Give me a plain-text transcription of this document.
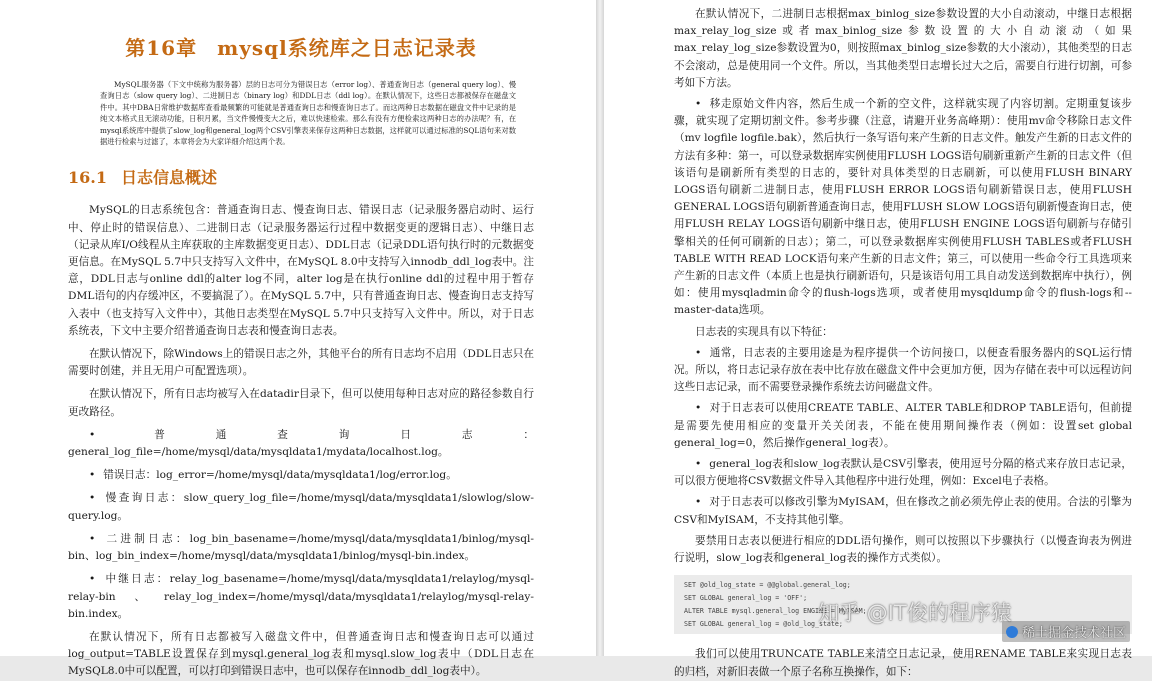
第16章 mysql系统库之日志记录表

MySQL服务器（下文中统称为服务器）层的日志可分为错误日志（error log）、普通查询日志（general query log）、慢查询日志（slow query log）、二进制日志（binary log）和DDL日志（ddl log）。在默认情况下，这些日志都被保存在磁盘文件中。其中DBA日常维护数据库查看最频繁的可能就是普通查询日志和慢查询日志了。而这两种日志数据在磁盘文件中记录的是纯文本格式且无滚动功能，日积月累，当文件慢慢变大之后，难以快速检索。那么有没有方便检索这两种日志的办法呢？有，在mysql系统库中提供了slow_log和general_log两个CSV引擎表来保存这两种日志数据，这样就可以通过标准的SQL语句来对数据进行检索与过滤了，本章将会为大家详细介绍这两个表。

16.1 日志信息概述

MySQL的日志系统包含：普通查询日志、慢查询日志、错误日志（记录服务器启动时、运行中、停止时的错误信息）、二进制日志（记录服务器运行过程中数据变更的逻辑日志）、中继日志（记录从库I/O线程从主库获取的主库数据变更日志）、DDL日志（记录DDL语句执行时的元数据变更信息。在MySQL 5.7中只支持写入文件中，在MySQL 8.0中支持写入innodb_ddl_log表中。注意，DDL日志与online ddl的alter log不同，alter log是在执行online ddl的过程中用于暂存DML语句的内存缓冲区，不要搞混了）。在MySQL 5.7中，只有普通查询日志、慢查询日志支持写入表中（也支持写入文件中），其他日志类型在MySQL 5.7中只支持写入文件中。所以，对于日志系统表，下文中主要介绍普通查询日志表和慢查询日志表。

在默认情况下，除Windows上的错误日志之外，其他平台的所有日志均不启用（DDL日志只在需要时创建，并且无用户可配置选项）。

在默认情况下，所有日志均被写入在datadir目录下，但可以使用每种日志对应的路径参数自行更改路径。

• 普通查询日志：general_log_file=/home/mysql/data/mysqldata1/mydata/localhost.log。

• 错误日志：log_error=/home/mysql/data/mysqldata1/log/error.log。

• 慢查询日志：slow_query_log_file=/home/mysql/data/mysqldata1/slowlog/slow-query.log。

• 二进制日志：log_bin_basename=/home/mysql/data/mysqldata1/binlog/mysql-bin、log_bin_index=/home/mysql/data/mysqldata1/binlog/mysql-bin.index。

• 中继日志：relay_log_basename=/home/mysql/data/mysqldata1/relaylog/mysql-relay-bin、relay_log_index=/home/mysql/data/mysqldata1/relaylog/mysql-relay-bin.index。

在默认情况下，所有日志都被写入磁盘文件中，但普通查询日志和慢查询日志可以通过log_output=TABLE设置保存到mysql.general_log表和mysql.slow_log表中（DDL日志在MySQL8.0中可以配置，可以打印到错误日志中，也可以保存在innodb_ddl_log表中）。

在默认情况下，二进制日志根据max_binlog_size参数设置的大小自动滚动，中继日志根据max_relay_log_size或者max_binlog_size参数设置的大小自动滚动（如果max_relay_log_size参数设置为0，则按照max_binlog_size参数的大小滚动），其他类型的日志不会滚动，总是使用同一个文件。所以，当其他类型日志增长过大之后，需要自行进行切割，可参考如下方法。

• 移走原始文件内容，然后生成一个新的空文件，这样就实现了内容切割。定期重复该步骤，就实现了定期切割文件。参考步骤（注意，请避开业务高峰期）：使用mv命令移除日志文件（mv logfile logfile.bak），然后执行一条写语句来产生新的日志文件。触发产生新的日志文件的方法有多种：第一，可以登录数据库实例使用FLUSH LOGS语句刷新重新产生新的日志文件（但该语句是刷新所有类型的日志的，要针对具体类型的日志刷新，可以使用FLUSH BINARY LOGS语句刷新二进制日志，使用FLUSH ERROR LOGS语句刷新错误日志，使用FLUSH GENERAL LOGS语句刷新普通查询日志，使用FLUSH SLOW LOGS语句刷新慢查询日志，使用FLUSH RELAY LOGS语句刷新中继日志，使用FLUSH ENGINE LOGS语句刷新与存储引擎相关的任何可刷新的日志）；第二，可以登录数据库实例使用FLUSH TABLES或者FLUSH TABLE WITH READ LOCK语句来产生新的日志文件；第三，可以使用一些命令行工具选项来产生新的日志文件（本质上也是执行刷新语句，只是该语句用工具自动发送到数据库中执行），例如：使用mysqladmin命令的flush-logs选项，或者使用mysqldump命令的flush-logs和--master-data选项。

日志表的实现具有以下特征：

• 通常，日志表的主要用途是为程序提供一个访问接口，以便查看服务器内的SQL运行情况。所以，将日志记录存放在表中比存放在磁盘文件中会更加方便，因为存储在表中可以远程访问这些日志记录，而不需要登录操作系统去访问磁盘文件。

• 对于日志表可以使用CREATE TABLE、ALTER TABLE和DROP TABLE语句，但前提是需要先使用相应的变量开关关闭表，不能在使用期间操作表（例如：设置set global general_log=0，然后操作general_log表）。

• general_log表和slow_log表默认是CSV引擎表，使用逗号分隔的格式来存放日志记录，可以很方便地将CSV数据文件导入其他程序中进行处理，例如：Excel电子表格。

• 对于日志表可以修改引擎为MyISAM，但在修改之前必须先停止表的使用。合法的引擎为CSV和MyISAM，不支持其他引擎。

要禁用日志表以便进行相应的DDL语句操作，则可以按照以下步骤执行（以慢查询表为例进行说明，slow_log表和general_log表的操作方式类似）。

SET @old_log_state = @@global.general_log;
SET GLOBAL general_log = 'OFF';
ALTER TABLE mysql.general_log ENGINE = MyISAM;
SET GLOBAL general_log = @old_log_state;

我们可以使用TRUNCATE TABLE来清空日志记录，使用RENAME TABLE来实现日志表的归档，对新旧表做一个原子名称互换操作，如下：

知乎 @IT俊的程序猿
稀土掘金技术社区
